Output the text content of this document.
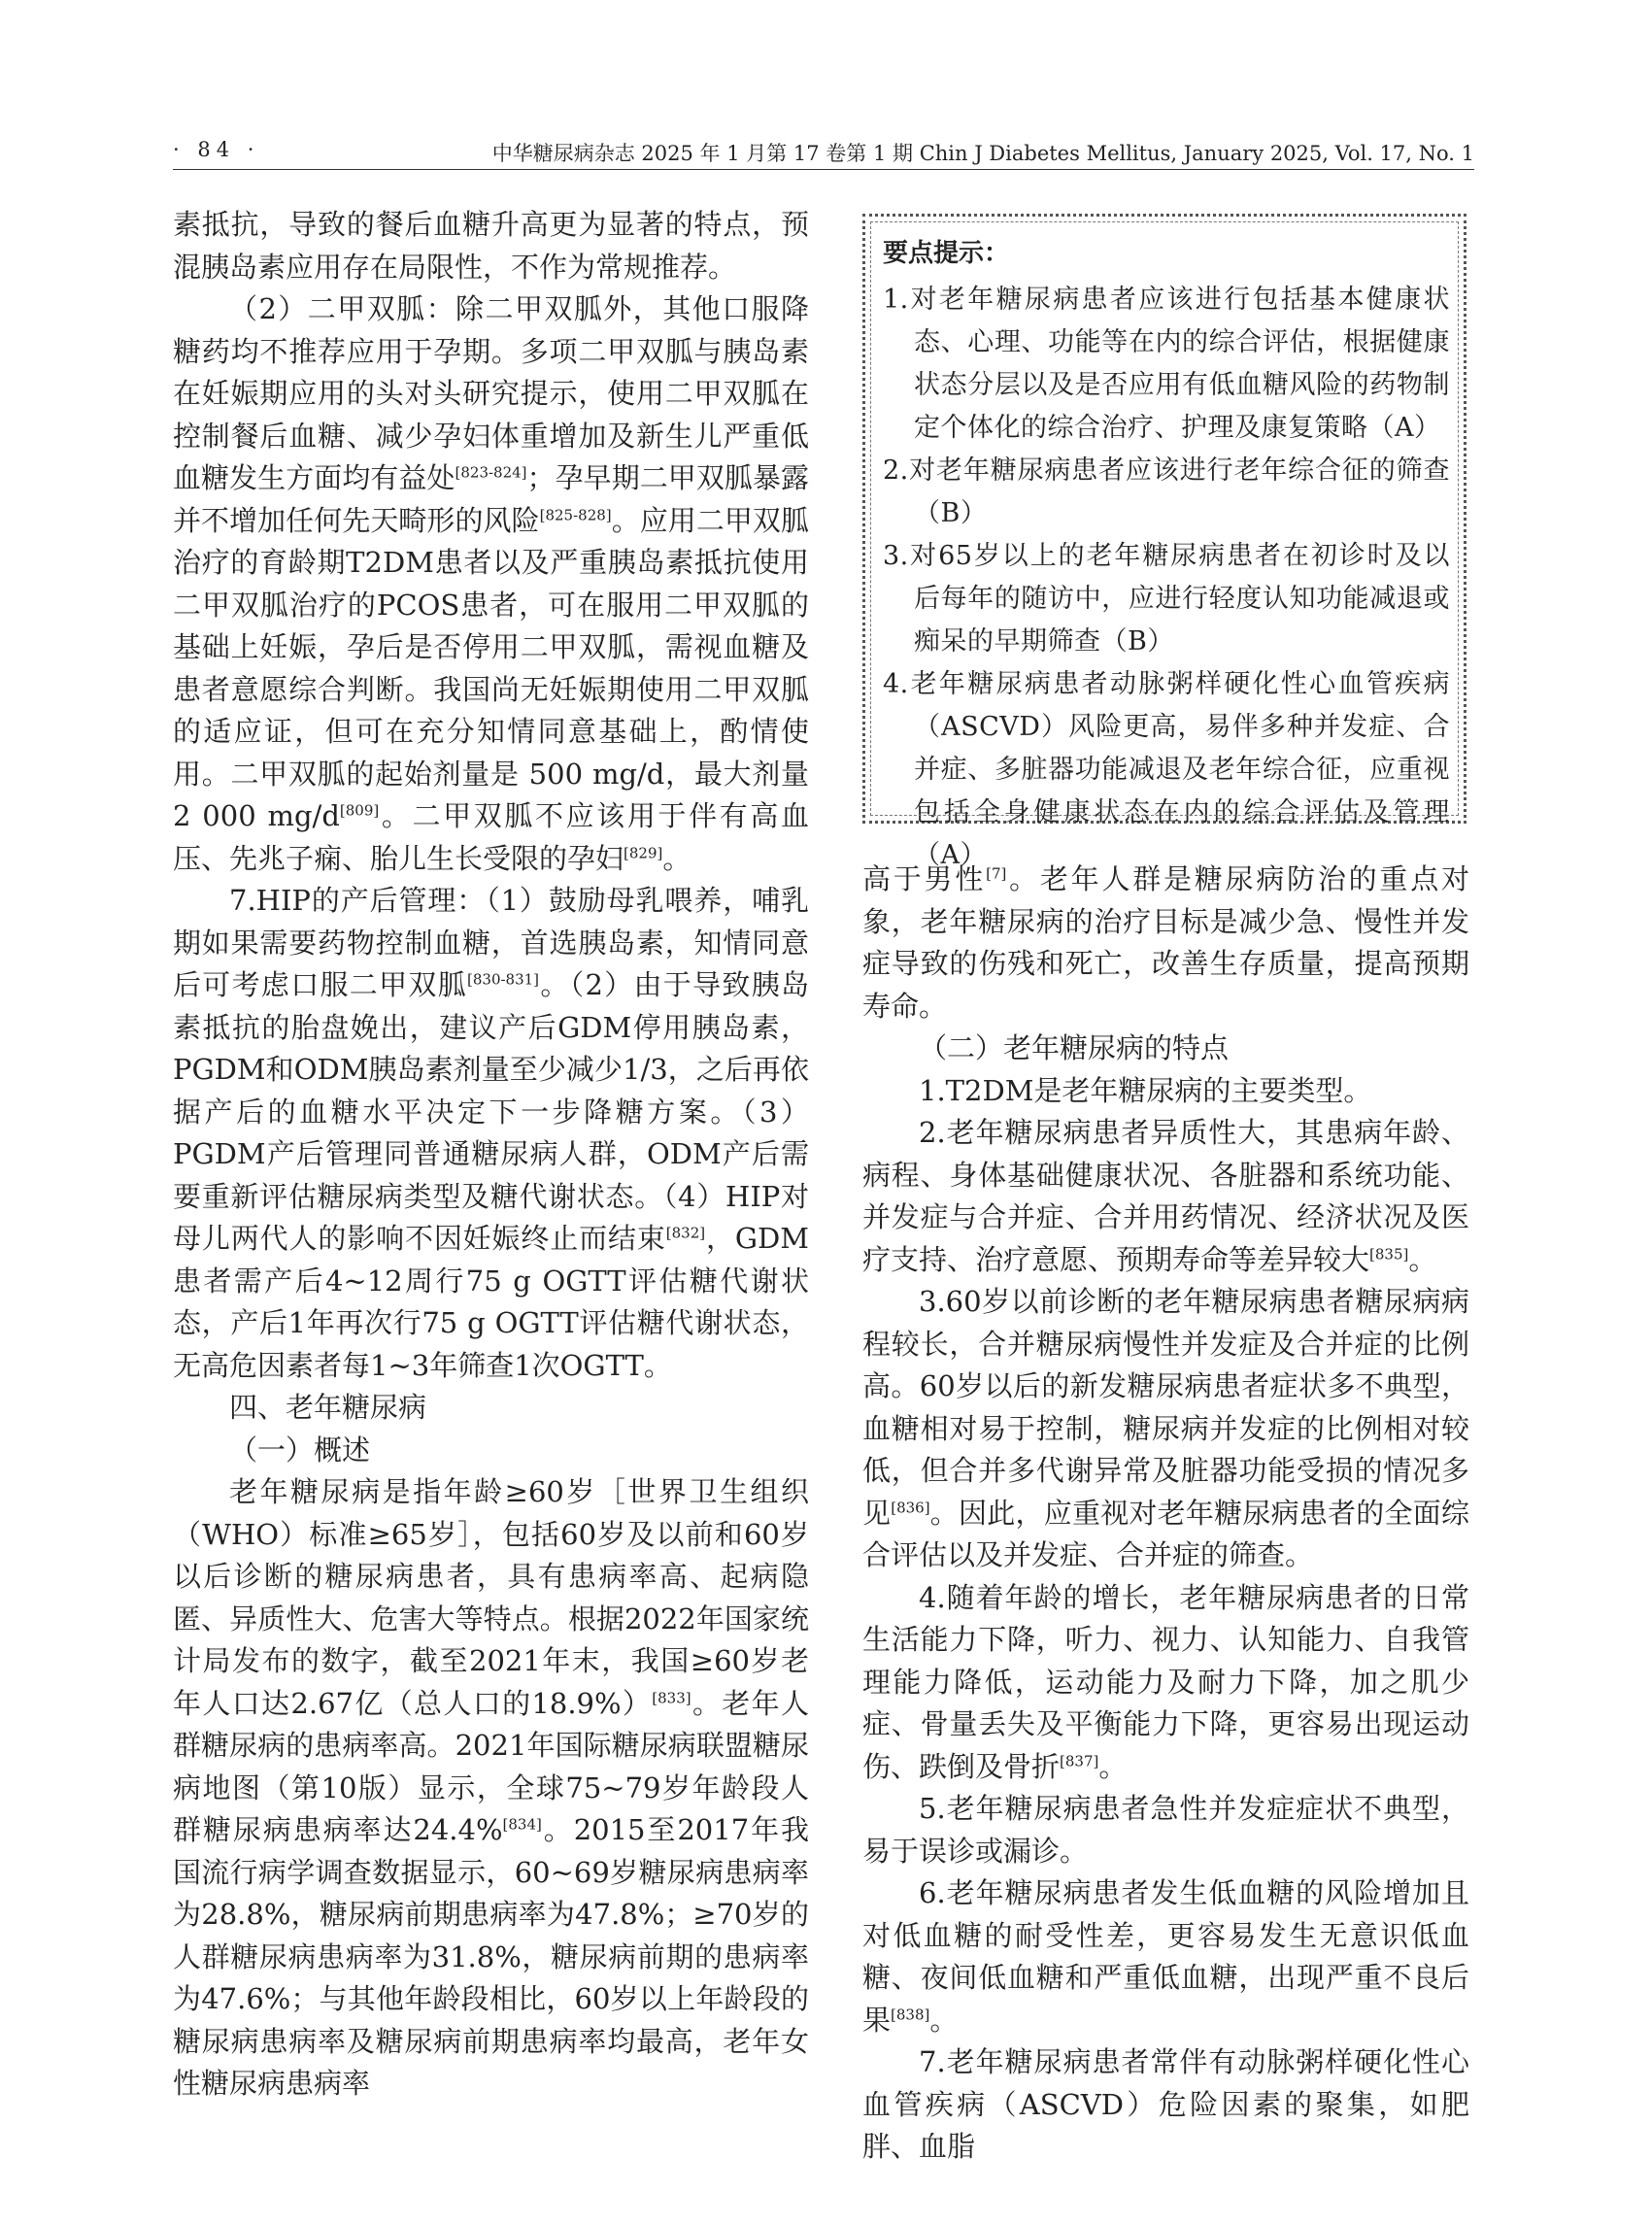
· 84 ·	中华糖尿病杂志 2025 年 1 月第 17 卷第 1 期 Chin J Diabetes Mellitus, January 2025, Vol. 17, No. 1

素抵抗，导致的餐后血糖升高更为显著的特点，预混胰岛素应用存在局限性，不作为常规推荐。

（2）二甲双胍：除二甲双胍外，其他口服降糖药均不推荐应用于孕期。多项二甲双胍与胰岛素在妊娠期应用的头对头研究提示，使用二甲双胍在控制餐后血糖、减少孕妇体重增加及新生儿严重低血糖发生方面均有益处[823-824]；孕早期二甲双胍暴露并不增加任何先天畸形的风险[825-828]。应用二甲双胍治疗的育龄期T2DM患者以及严重胰岛素抵抗使用二甲双胍治疗的PCOS患者，可在服用二甲双胍的基础上妊娠，孕后是否停用二甲双胍，需视血糖及患者意愿综合判断。我国尚无妊娠期使用二甲双胍的适应证，但可在充分知情同意基础上，酌情使用。二甲双胍的起始剂量是 500 mg/d，最大剂量 2 000 mg/d[809]。二甲双胍不应该用于伴有高血压、先兆子痫、胎儿生长受限的孕妇[829]。

7.HIP的产后管理：（1）鼓励母乳喂养，哺乳期如果需要药物控制血糖，首选胰岛素，知情同意后可考虑口服二甲双胍[830-831]。（2）由于导致胰岛素抵抗的胎盘娩出，建议产后GDM停用胰岛素，PGDM和ODM胰岛素剂量至少减少1/3，之后再依据产后的血糖水平决定下一步降糖方案。（3）PGDM产后管理同普通糖尿病人群，ODM产后需要重新评估糖尿病类型及糖代谢状态。（4）HIP对母儿两代人的影响不因妊娠终止而结束[832]，GDM患者需产后4~12周行75 g OGTT评估糖代谢状态，产后1年再次行75 g OGTT评估糖代谢状态，无高危因素者每1~3年筛查1次OGTT。

四、老年糖尿病

（一）概述

老年糖尿病是指年龄≥60岁［世界卫生组织（WHO）标准≥65岁］，包括60岁及以前和60岁以后诊断的糖尿病患者，具有患病率高、起病隐匿、异质性大、危害大等特点。根据2022年国家统计局发布的数字，截至2021年末，我国≥60岁老年人口达2.67亿（总人口的18.9%）[833]。老年人群糖尿病的患病率高。2021年国际糖尿病联盟糖尿病地图（第10版）显示，全球75~79岁年龄段人群糖尿病患病率达24.4%[834]。2015至2017年我国流行病学调查数据显示，60~69岁糖尿病患病率为28.8%，糖尿病前期患病率为47.8%；≥70岁的人群糖尿病患病率为31.8%，糖尿病前期的患病率为47.6%；与其他年龄段相比，60岁以上年龄段的糖尿病患病率及糖尿病前期患病率均最高，老年女性糖尿病患病率

要点提示：

1.对老年糖尿病患者应该进行包括基本健康状态、心理、功能等在内的综合评估，根据健康状态分层以及是否应用有低血糖风险的药物制定个体化的综合治疗、护理及康复策略（A）

2.对老年糖尿病患者应该进行老年综合征的筛查（B）

3.对65岁以上的老年糖尿病患者在初诊时及以后每年的随访中，应进行轻度认知功能减退或痴呆的早期筛查（B）

4.老年糖尿病患者动脉粥样硬化性心血管疾病（ASCVD）风险更高，易伴多种并发症、合并症、多脏器功能减退及老年综合征，应重视包括全身健康状态在内的综合评估及管理（A）

高于男性[7]。老年人群是糖尿病防治的重点对象，老年糖尿病的治疗目标是减少急、慢性并发症导致的伤残和死亡，改善生存质量，提高预期寿命。

（二）老年糖尿病的特点

1.T2DM是老年糖尿病的主要类型。

2.老年糖尿病患者异质性大，其患病年龄、病程、身体基础健康状况、各脏器和系统功能、并发症与合并症、合并用药情况、经济状况及医疗支持、治疗意愿、预期寿命等差异较大[835]。

3.60岁以前诊断的老年糖尿病患者糖尿病病程较长，合并糖尿病慢性并发症及合并症的比例高。60岁以后的新发糖尿病患者症状多不典型，血糖相对易于控制，糖尿病并发症的比例相对较低，但合并多代谢异常及脏器功能受损的情况多见[836]。因此，应重视对老年糖尿病患者的全面综合评估以及并发症、合并症的筛查。

4.随着年龄的增长，老年糖尿病患者的日常生活能力下降，听力、视力、认知能力、自我管理能力降低，运动能力及耐力下降，加之肌少症、骨量丢失及平衡能力下降，更容易出现运动伤、跌倒及骨折[837]。

5.老年糖尿病患者急性并发症症状不典型，易于误诊或漏诊。

6.老年糖尿病患者发生低血糖的风险增加且对低血糖的耐受性差，更容易发生无意识低血糖、夜间低血糖和严重低血糖，出现严重不良后果[838]。

7.老年糖尿病患者常伴有动脉粥样硬化性心血管疾病（ASCVD）危险因素的聚集，如肥胖、血脂
